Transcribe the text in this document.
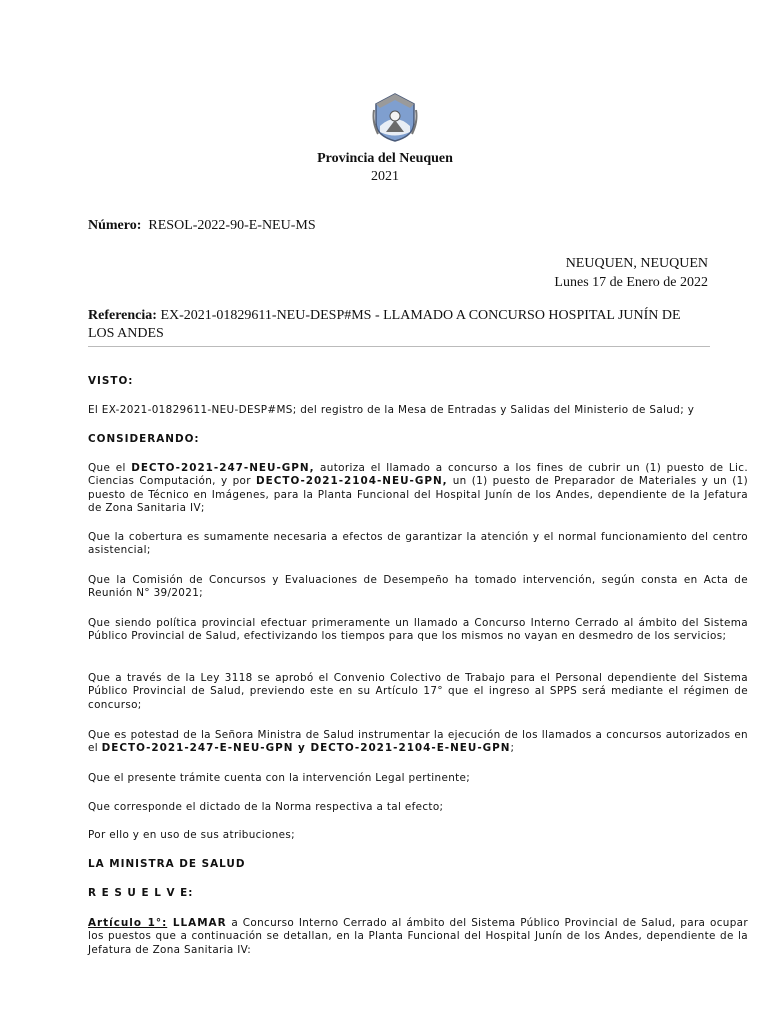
Provincia del Neuquen
2021
Número: RESOL-2022-90-E-NEU-MS
NEUQUEN, NEUQUEN
Lunes 17 de Enero de 2022
Referencia: EX-2021-01829611-NEU-DESP#MS - LLAMADO A CONCURSO HOSPITAL JUNÍN DE LOS ANDES
VISTO:
El EX-2021-01829611-NEU-DESP#MS; del registro de la Mesa de Entradas y Salidas del Ministerio de Salud; y
CONSIDERANDO:
Que el DECTO-2021-247-NEU-GPN, autoriza el llamado a concurso a los fines de cubrir un (1) puesto de Lic. Ciencias Computación, y por DECTO-2021-2104-NEU-GPN, un (1) puesto de Preparador de Materiales y un (1) puesto de Técnico en Imágenes, para la Planta Funcional del Hospital Junín de los Andes, dependiente de la Jefatura de Zona Sanitaria IV;
Que la cobertura es sumamente necesaria a efectos de garantizar la atención y el normal funcionamiento del centro asistencial;
Que la Comisión de Concursos y Evaluaciones de Desempeño ha tomado intervención, según consta en Acta de Reunión N° 39/2021;
Que siendo política provincial efectuar primeramente un llamado a Concurso Interno Cerrado al ámbito del Sistema Público Provincial de Salud, efectivizando los tiempos para que los mismos no vayan en desmedro de los servicios;
Que a través de la Ley 3118 se aprobó el Convenio Colectivo de Trabajo para el Personal dependiente del Sistema Público Provincial de Salud, previendo este en su Artículo 17° que el ingreso al SPPS será mediante el régimen de concurso;
Que es potestad de la Señora Ministra de Salud instrumentar la ejecución de los llamados a concursos autorizados en el DECTO-2021-247-E-NEU-GPN y DECTO-2021-2104-E-NEU-GPN;
Que el presente trámite cuenta con la intervención Legal pertinente;
Que corresponde el dictado de la Norma respectiva a tal efecto;
Por ello y en uso de sus atribuciones;
LA MINISTRA DE SALUD
R E S U E L V E:
Artículo 1°: LLAMAR a Concurso Interno Cerrado al ámbito del Sistema Público Provincial de Salud, para ocupar los puestos que a continuación se detallan, en la Planta Funcional del Hospital Junín de los Andes, dependiente de la Jefatura de Zona Sanitaria IV:
